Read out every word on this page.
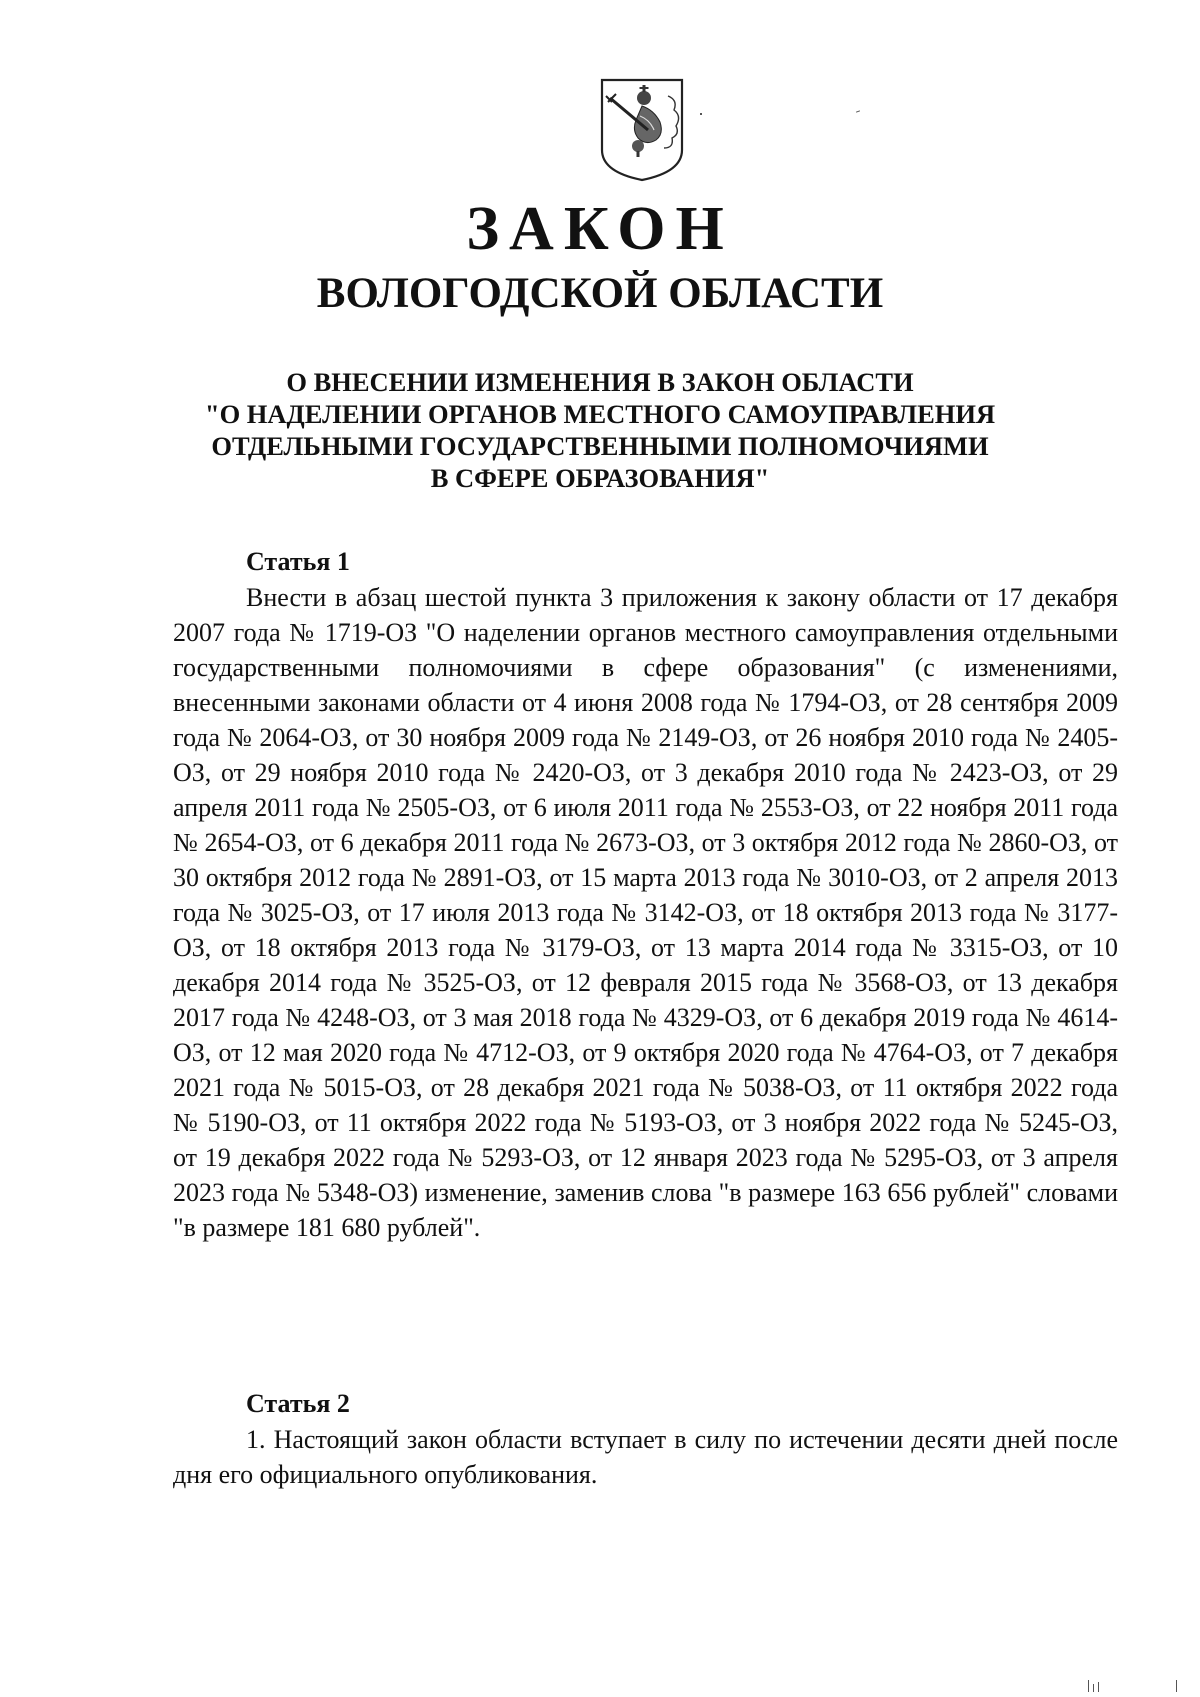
ЗАКОН
ВОЛОГОДСКОЙ ОБЛАСТИ
О ВНЕСЕНИИ ИЗМЕНЕНИЯ В ЗАКОН ОБЛАСТИ
"О НАДЕЛЕНИИ ОРГАНОВ МЕСТНОГО САМОУПРАВЛЕНИЯ
ОТДЕЛЬНЫМИ ГОСУДАРСТВЕННЫМИ ПОЛНОМОЧИЯМИ
В СФЕРЕ ОБРАЗОВАНИЯ"
Статья 1
Внести в абзац шестой пункта 3 приложения к закону области от 17 декабря 2007 года № 1719-ОЗ "О наделении органов местного самоуправления отдельными государственными полномочиями в сфере образования" (с изменениями, внесенными законами области от 4 июня 2008 года № 1794-ОЗ, от 28 сентября 2009 года № 2064-ОЗ, от 30 ноября 2009 года № 2149-ОЗ, от 26 ноября 2010 года № 2405-ОЗ, от 29 ноября 2010 года № 2420-ОЗ, от 3 декабря 2010 года № 2423-ОЗ, от 29 апреля 2011 года № 2505-ОЗ, от 6 июля 2011 года № 2553-ОЗ, от 22 ноября 2011 года № 2654-ОЗ, от 6 декабря 2011 года № 2673-ОЗ, от 3 октября 2012 года № 2860-ОЗ, от 30 октября 2012 года № 2891-ОЗ, от 15 марта 2013 года № 3010-ОЗ, от 2 апреля 2013 года № 3025-ОЗ, от 17 июля 2013 года № 3142-ОЗ, от 18 октября 2013 года № 3177-ОЗ, от 18 октября 2013 года № 3179-ОЗ, от 13 марта 2014 года № 3315-ОЗ, от 10 декабря 2014 года № 3525-ОЗ, от 12 февраля 2015 года № 3568-ОЗ, от 13 декабря 2017 года № 4248-ОЗ, от 3 мая 2018 года № 4329-ОЗ, от 6 декабря 2019 года № 4614-ОЗ, от 12 мая 2020 года № 4712-ОЗ, от 9 октября 2020 года № 4764-ОЗ, от 7 декабря 2021 года № 5015-ОЗ, от 28 декабря 2021 года № 5038-ОЗ, от 11 октября 2022 года № 5190-ОЗ, от 11 октября 2022 года № 5193-ОЗ, от 3 ноября 2022 года № 5245-ОЗ, от 19 декабря 2022 года № 5293-ОЗ, от 12 января 2023 года № 5295-ОЗ, от 3 апреля 2023 года № 5348-ОЗ) изменение, заменив слова "в размере 163 656 рублей" словами "в размере 181 680 рублей".
Статья 2
1. Настоящий закон области вступает в силу по истечении десяти дней после дня его официального опубликования.
